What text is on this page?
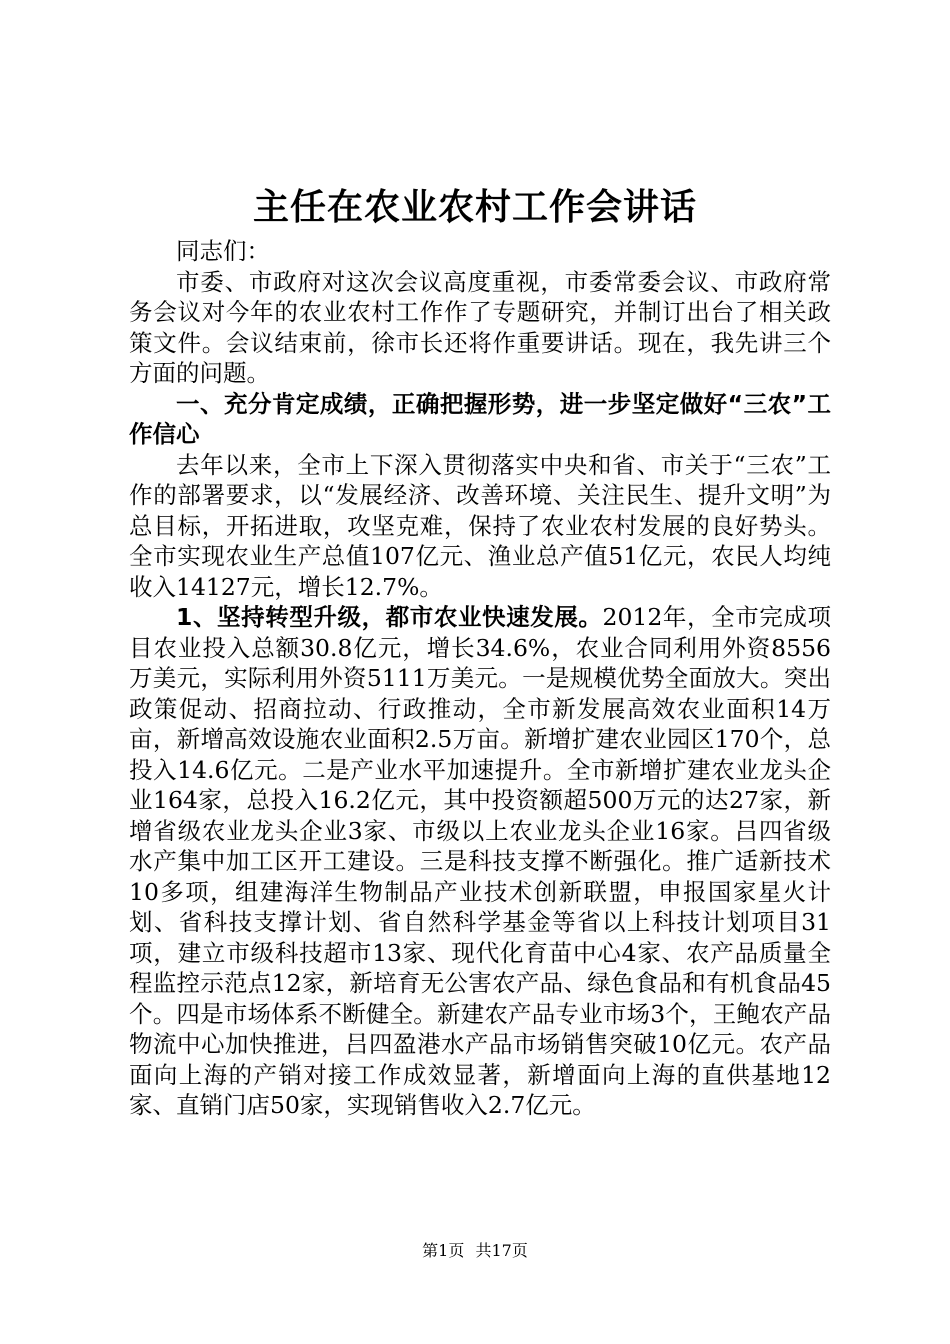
主任在农业农村工作会讲话

同志们：

市委、市政府对这次会议高度重视，市委常委会议、市政府常务会议对今年的农业农村工作作了专题研究，并制订出台了相关政策文件。会议结束前，徐市长还将作重要讲话。现在，我先讲三个方面的问题。

一、充分肯定成绩，正确把握形势，进一步坚定做好“三农”工作信心

去年以来，全市上下深入贯彻落实中央和省、市关于“三农”工作的部署要求，以“发展经济、改善环境、关注民生、提升文明”为总目标，开拓进取，攻坚克难，保持了农业农村发展的良好势头。全市实现农业生产总值107亿元、渔业总产值51亿元，农民人均纯收入14127元，增长12.7%。

1、坚持转型升级，都市农业快速发展。2012年，全市完成项目农业投入总额30.8亿元，增长34.6%，农业合同利用外资8556万美元，实际利用外资5111万美元。一是规模优势全面放大。突出政策促动、招商拉动、行政推动，全市新发展高效农业面积14万亩，新增高效设施农业面积2.5万亩。新增扩建农业园区170个，总投入14.6亿元。二是产业水平加速提升。全市新增扩建农业龙头企业164家，总投入16.2亿元，其中投资额超500万元的达27家，新增省级农业龙头企业3家、市级以上农业龙头企业16家。吕四省级水产集中加工区开工建设。三是科技支撑不断强化。推广适新技术10多项，组建海洋生物制品产业技术创新联盟，申报国家星火计划、省科技支撑计划、省自然科学基金等省以上科技计划项目31项，建立市级科技超市13家、现代化育苗中心4家、农产品质量全程监控示范点12家，新培育无公害农产品、绿色食品和有机食品45个。四是市场体系不断健全。新建农产品专业市场3个，王鲍农产品物流中心加快推进，吕四盈港水产品市场销售突破10亿元。农产品面向上海的产销对接工作成效显著，新增面向上海的直供基地12家、直销门店50家，实现销售收入2.7亿元。

第1页 共17页
